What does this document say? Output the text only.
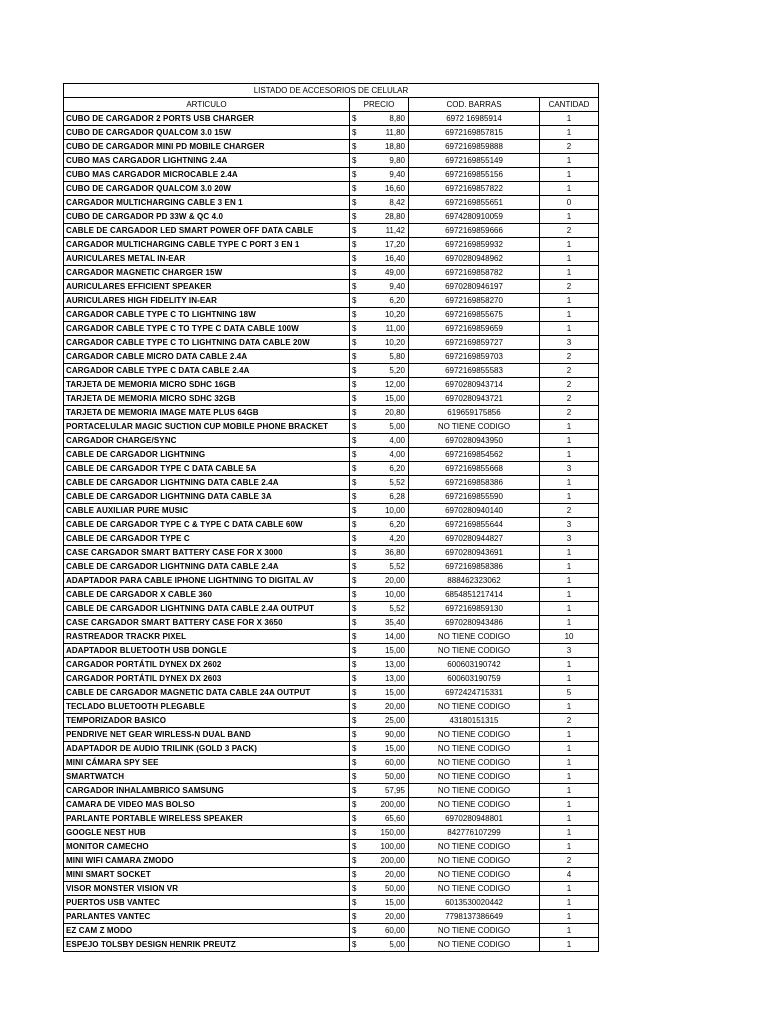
LISTADO DE ACCESORIOS DE CELULAR				
ARTICULO	PRECIO		COD. BARRAS	CANTIDAD
CUBO DE CARGADOR 2 PORTS USB CHARGER	$	8,80	6972 16985914	1
CUBO DE CARGADOR QUALCOM 3.0 15W	$	11,80	6972169857815	1
CUBO DE CARGADOR MINI PD MOBILE CHARGER	$	18,80	6972169859888	2
CUBO MAS CARGADOR LIGHTNING 2.4A	$	9,80	6972169855149	1
CUBO MAS CARGADOR MICROCABLE 2.4A	$	9,40	6972169855156	1
CUBO DE CARGADOR QUALCOM 3.0 20W	$	16,60	6972169857822	1
CARGADOR MULTICHARGING CABLE 3 EN 1	$	8,42	6972169855651	0
CUBO DE CARGADOR PD 33W & QC 4.0	$	28,80	6974280910059	1
CABLE DE CARGADOR LED SMART POWER OFF DATA CABLE	$	11,42	6972169859666	2
CARGADOR MULTICHARGING CABLE TYPE C PORT 3 EN 1	$	17,20	6972169859932	1
AURICULARES METAL IN-EAR	$	16,40	6970280948962	1
CARGADOR MAGNETIC CHARGER 15W	$	49,00	6972169858782	1
AURICULARES EFFICIENT SPEAKER	$	9,40	6970280946197	2
AURICULARES HIGH FIDELITY IN-EAR	$	6,20	6972169858270	1
CARGADOR CABLE TYPE C TO LIGHTNING 18W	$	10,20	6972169855675	1
CARGADOR CABLE TYPE C TO TYPE C DATA CABLE 100W	$	11,00	6972169859659	1
CARGADOR CABLE TYPE C TO LIGHTNING DATA CABLE 20W	$	10,20	6972169859727	3
CARGADOR CABLE MICRO DATA CABLE 2.4A	$	5,80	6972169859703	2
CARGADOR CABLE TYPE C DATA CABLE 2.4A	$	5,20	6972169855583	2
TARJETA DE MEMORIA MICRO SDHC 16GB	$	12,00	6970280943714	2
TARJETA DE MEMORIA MICRO SDHC 32GB	$	15,00	6970280943721	2
TARJETA DE MEMORIA IMAGE MATE PLUS 64GB	$	20,80	619659175856	2
PORTACELULAR MAGIC SUCTION CUP MOBILE PHONE BRACKET	$	5,00	NO TIENE CODIGO	1
CARGADOR CHARGE/SYNC	$	4,00	6970280943950	1
CABLE DE CARGADOR LIGHTNING	$	4,00	6972169854562	1
CABLE DE CARGADOR TYPE C DATA CABLE 5A	$	6,20	6972169855668	3
CABLE DE CARGADOR LIGHTNING DATA CABLE 2.4A	$	5,52	6972169858386	1
CABLE DE CARGADOR LIGHTNING DATA CABLE 3A	$	6,28	6972169855590	1
CABLE AUXILIAR PURE MUSIC	$	10,00	6970280940140	2
CABLE DE CARGADOR TYPE C & TYPE C DATA CABLE 60W	$	6,20	6972169855644	3
CABLE DE CARGADOR TYPE C	$	4,20	6970280944827	3
CASE CARGADOR SMART BATTERY CASE FOR X 3000	$	36,80	6970280943691	1
CABLE DE CARGADOR LIGHTNING DATA CABLE 2.4A	$	5,52	6972169858386	1
ADAPTADOR PARA CABLE IPHONE LIGHTNING TO DIGITAL AV	$	20,00	888462323062	1
CABLE DE CARGADOR X CABLE 360	$	10,00	6854851217414	1
CABLE DE CARGADOR LIGHTNING DATA CABLE 2.4A OUTPUT	$	5,52	6972169859130	1
CASE CARGADOR SMART BATTERY CASE FOR X 3650	$	35,40	6970280943486	1
RASTREADOR TRACKR PIXEL	$	14,00	NO TIENE CODIGO	10
ADAPTADOR BLUETOOTH USB DONGLE	$	15,00	NO TIENE CODIGO	3
CARGADOR PORTÁTIL DYNEX DX 2602	$	13,00	600603190742	1
CARGADOR PORTÁTIL DYNEX DX 2603	$	13,00	600603190759	1
CABLE DE CARGADOR MAGNETIC DATA CABLE 24A OUTPUT	$	15,00	6972424715331	5
TECLADO BLUETOOTH PLEGABLE	$	20,00	NO TIENE CODIGO	1
TEMPORIZADOR BASICO	$	25,00	43180151315	2
PENDRIVE NET GEAR WIRLESS-N DUAL BAND	$	90,00	NO TIENE CODIGO	1
ADAPTADOR DE AUDIO TRILINK (GOLD 3 PACK)	$	15,00	NO TIENE CODIGO	1
MINI CÁMARA SPY SEE	$	60,00	NO TIENE CODIGO	1
SMARTWATCH	$	50,00	NO TIENE CODIGO	1
CARGADOR INHALAMBRICO SAMSUNG	$	57,95	NO TIENE CODIGO	1
CAMARA DE VIDEO MAS BOLSO	$	200,00	NO TIENE CODIGO	1
PARLANTE PORTABLE WIRELESS SPEAKER	$	65,60	6970280948801	1
GOOGLE NEST HUB	$	150,00	842776107299	1
MONITOR CAMECHO	$	100,00	NO TIENE CODIGO	1
MINI WIFI CAMARA ZMODO	$	200,00	NO TIENE CODIGO	2
MINI SMART SOCKET	$	20,00	NO TIENE CODIGO	4
VISOR MONSTER VISION VR	$	50,00	NO TIENE CODIGO	1
PUERTOS USB VANTEC	$	15,00	6013530020442	1
PARLANTES VANTEC	$	20,00	7798137386649	1
EZ CAM Z MODO	$	60,00	NO TIENE CODIGO	1
ESPEJO TOLSBY DESIGN HENRIK PREUTZ	$	5,00	NO TIENE CODIGO	1
